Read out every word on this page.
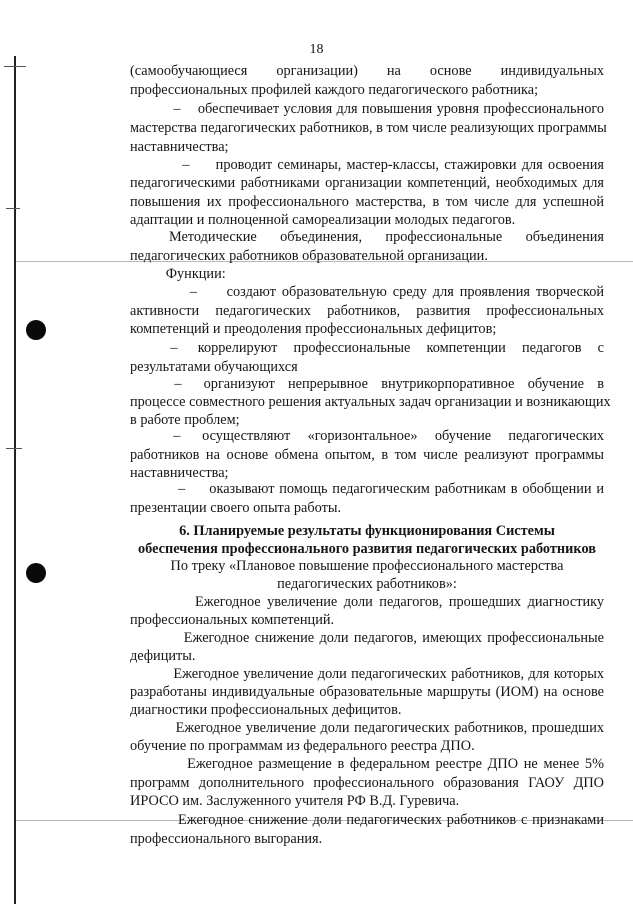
18
(самообучающиеся       организации)       на       основе       индивидуальных
профессиональных профилей каждого педагогического работника;
–    обеспечивает условия для повышения уровня профессионального
мастерства педагогических работников, в том числе реализующих программы
наставничества;
–     проводит семинары, мастер-классы, стажировки для освоения
педагогическими работниками организации компетенций, необходимых для
повышения их профессионального мастерства, в том числе для успешной
адаптации и полноценной самореализации молодых педагогов.
Методические      объединения,      профессиональные      объединения
педагогических работников образовательной организации.
Функции:
–     создают образовательную среду для проявления творческой
активности    педагогических    работников,    развития    профессиональных
компетенций и преодоления профессиональных дефицитов;
–     коррелируют    профессиональные    компетенции    педагогов    с
результатами обучающихся
–     организуют   непрерывное   внутрикорпоративное   обучение   в
процессе совместного решения актуальных задач организации и возникающих
в работе проблем;
–     осуществляют    «горизонтальное»    обучение    педагогических
работников на основе обмена опытом, в том числе реализуют программы
наставничества;
–     оказывают помощь педагогическим работникам в обобщении и
презентации своего опыта работы.
6. Планируемые результаты функционирования Системы
обеспечения профессионального развития педагогических работников
По треку «Плановое повышение профессионального мастерства
педагогических работников»:
Ежегодное увеличение доли педагогов, прошедших диагностику
профессиональных компетенций.
Ежегодное снижение доли педагогов, имеющих профессиональные
дефициты.
Ежегодное увеличение доли педагогических работников, для которых
разработаны индивидуальные образовательные маршруты (ИОМ) на основе
диагностики профессиональных дефицитов.
Ежегодное увеличение доли педагогических работников, прошедших
обучение по программам из федерального реестра ДПО.
Ежегодное размещение в федеральном реестре ДПО не менее 5%
программ дополнительного профессионального образования ГАОУ ДПО
ИРОСО им. Заслуженного учителя РФ В.Д. Гуревича.
Ежегодное снижение доли педагогических работников с признаками
профессионального выгорания.
